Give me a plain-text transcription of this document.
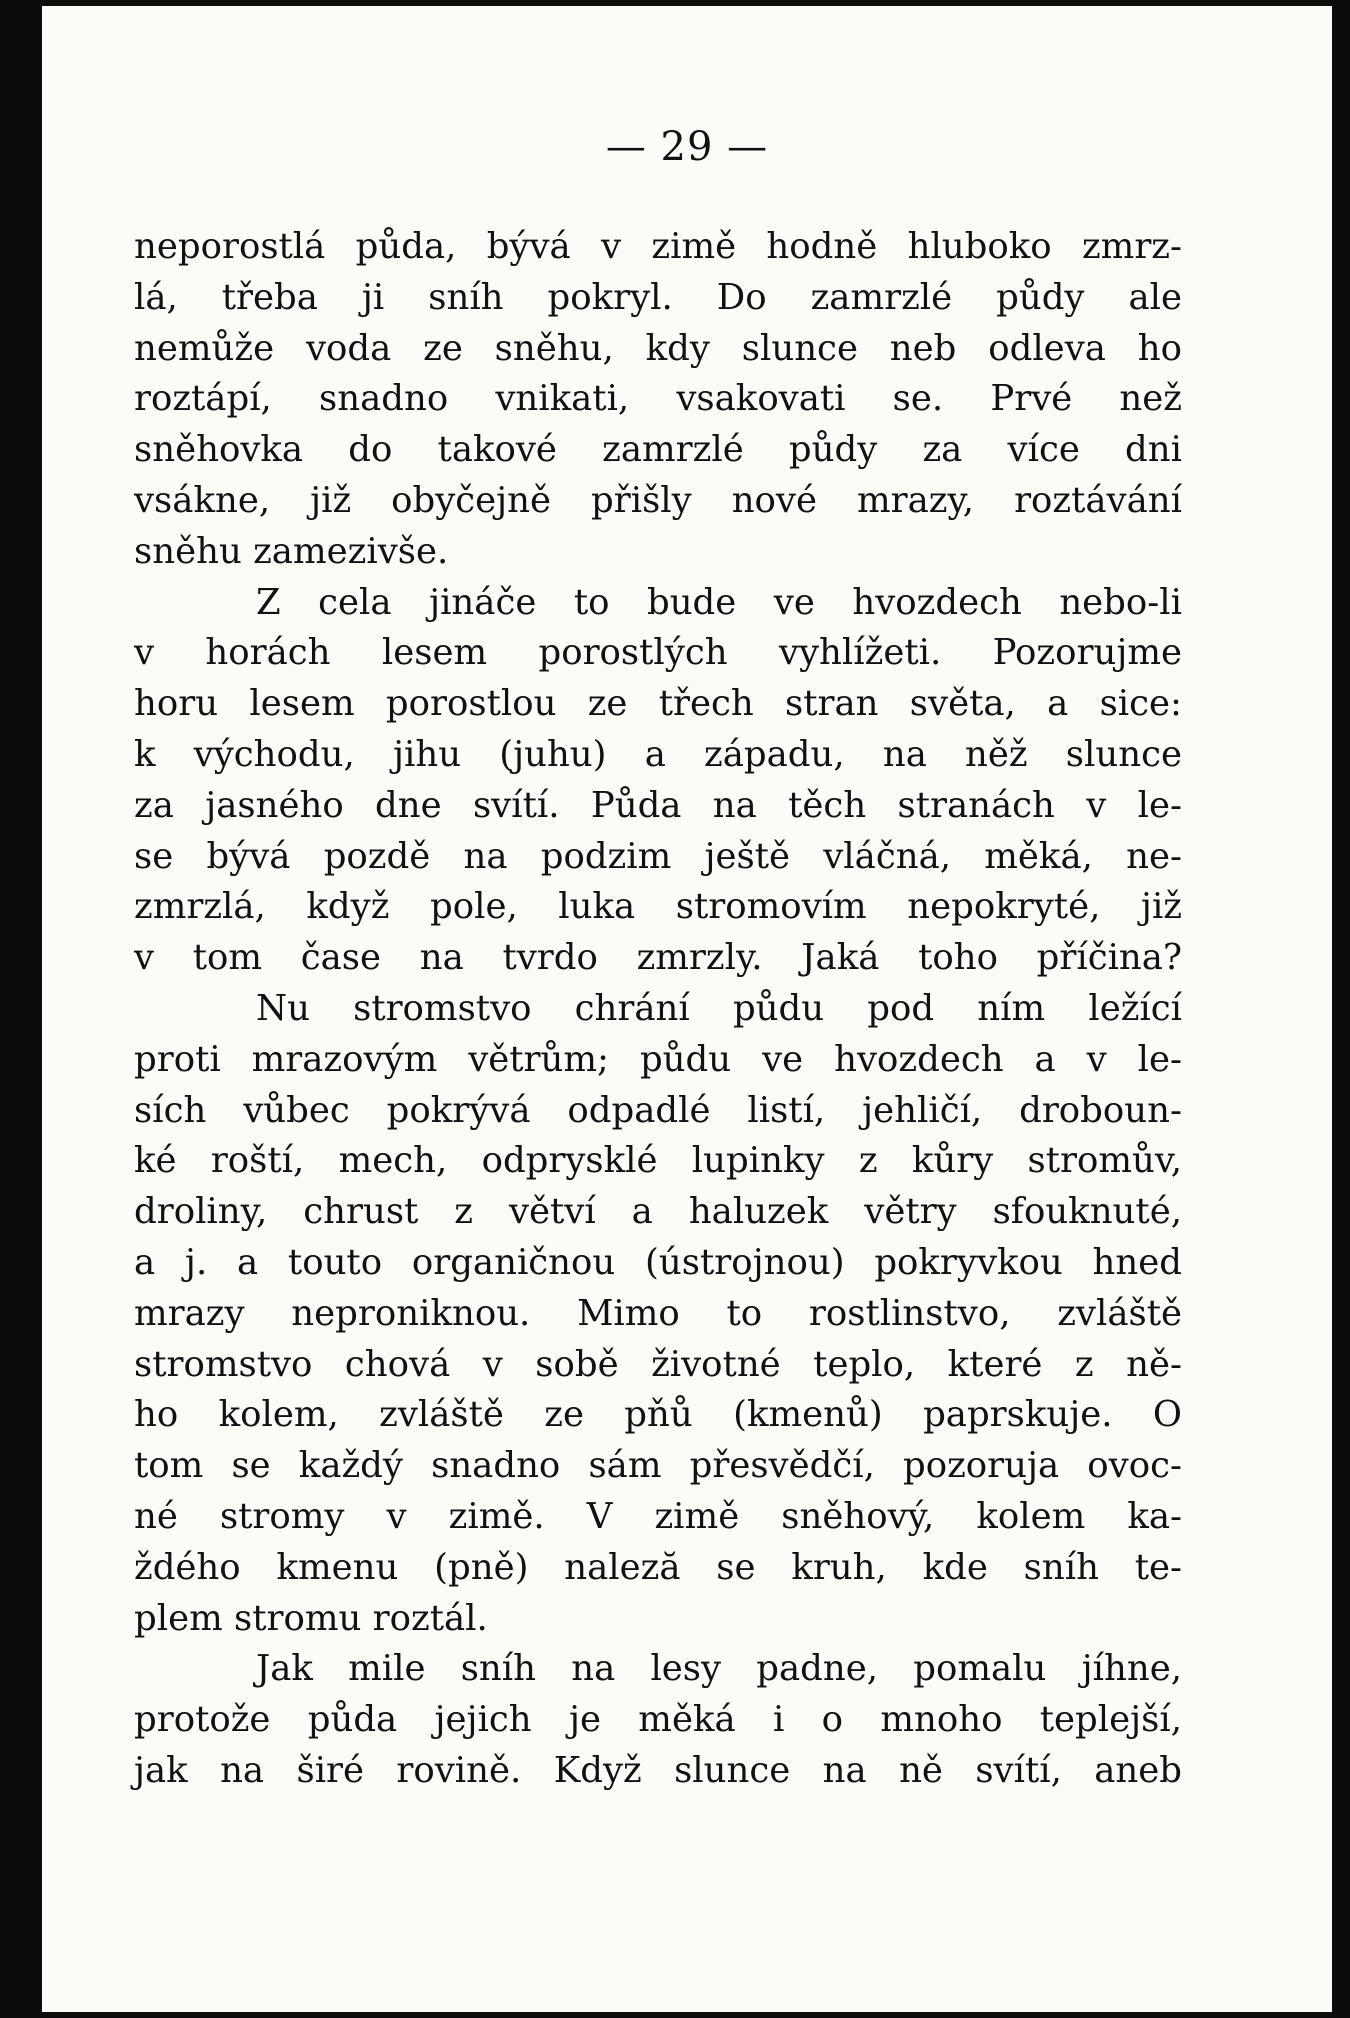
— 29 —
neporostlá půda, bývá v zimě hodně hluboko zmrz-
lá, třeba ji sníh pokryl. Do zamrzlé půdy ale
nemůže voda ze sněhu, kdy slunce neb odleva ho
roztápí, snadno vnikati, vsakovati se. Prvé než
sněhovka do takové zamrzlé půdy za více dni
vsákne, již obyčejně přišly nové mrazy, roztávání
sněhu zamezivše.
Z cela jináče to bude ve hvozdech nebo-li
v horách lesem porostlých vyhlížeti. Pozorujme
horu lesem porostlou ze třech stran světa, a sice:
k východu, jihu (juhu) a západu, na něž slunce
za jasného dne svítí. Půda na těch stranách v le-
se bývá pozdě na podzim ještě vláčná, měká, ne-
zmrzlá, když pole, luka stromovím nepokryté, již
v tom čase na tvrdo zmrzly. Jaká toho příčina?
Nu stromstvo chrání půdu pod ním ležící
proti mrazovým větrům; půdu ve hvozdech a v le-
sích vůbec pokrývá odpadlé listí, jehličí, droboun-
ké roští, mech, odprysklé lupinky z kůry stromův,
droliny, chrust z větví a haluzek větry sfouknuté,
a j. a touto organičnou (ústrojnou) pokryvkou hned
mrazy neproniknou. Mimo to rostlinstvo, zvláště
stromstvo chová v sobě životné teplo, které z ně-
ho kolem, zvláště ze pňů (kmenů) paprskuje. O
tom se každý snadno sám přesvědčí, pozoruja ovoc-
né stromy v zimě. V zimě sněhový, kolem ka-
ždého kmenu (pně) naleză se kruh, kde sníh te-
plem stromu roztál.
Jak mile sníh na lesy padne, pomalu jíhne,
protože půda jejich je měká i o mnoho teplejší,
jak na širé rovině. Když slunce na ně svítí, aneb
